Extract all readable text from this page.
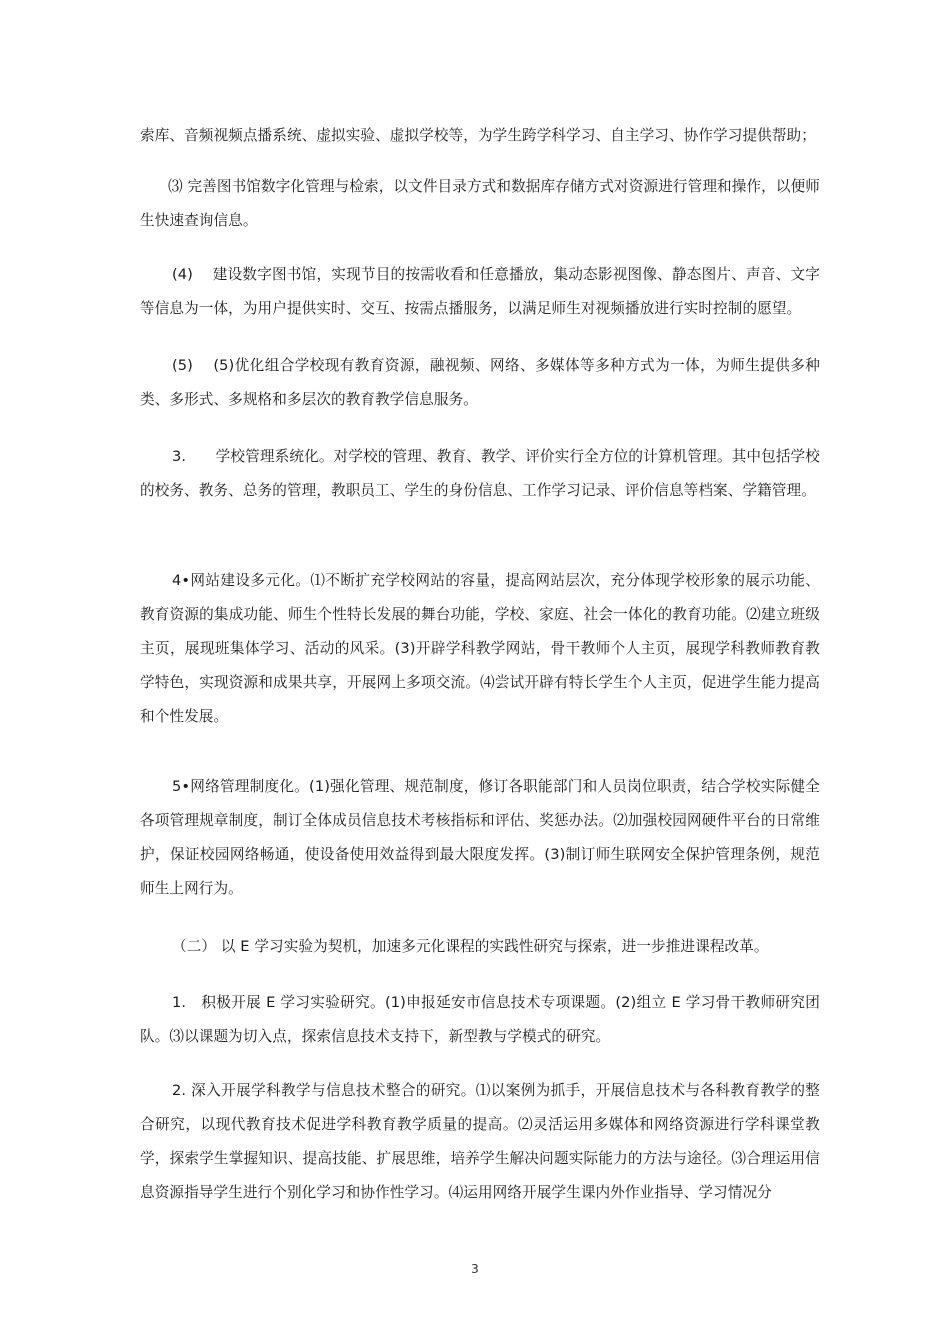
索库、音频视频点播系统、虚拟实验、虚拟学校等，为学生跨学科学习、自主学习、协作学习提供帮助；

⑶ 完善图书馆数字化管理与检索，以文件目录方式和数据库存储方式对资源进行管理和操作，以便师生快速查询信息。

(4)　 建设数字图书馆，实现节目的按需收看和任意播放，集动态影视图像、静态图片、声音、文字等信息为一体，为用户提供实时、交互、按需点播服务，以满足师生对视频播放进行实时控制的愿望。

(5)　 (5)优化组合学校现有教育资源，融视频、网络、多媒体等多种方式为一体，为师生提供多种类、多形式、多规格和多层次的教育教学信息服务。

3.　　学校管理系统化。对学校的管理、教育、教学、评价实行全方位的计算机管理。其中包括学校的校务、教务、总务的管理，教职员工、学生的身份信息、工作学习记录、评价信息等档案、学籍管理。

4•网站建设多元化。⑴不断扩充学校网站的容量，提高网站层次，充分体现学校形象的展示功能、教育资源的集成功能、师生个性特长发展的舞台功能，学校、家庭、社会一体化的教育功能。⑵建立班级主页，展现班集体学习、活动的风采。(3)开辟学科教学网站，骨干教师个人主页，展现学科教师教育教学特色，实现资源和成果共享，开展网上多项交流。⑷尝试开辟有特长学生个人主页，促进学生能力提高和个性发展。

5•网络管理制度化。(1)强化管理、规范制度，修订各职能部门和人员岗位职责，结合学校实际健全各项管理规章制度，制订全体成员信息技术考核指标和评估、奖惩办法。⑵加强校园网硬件平台的日常维护，保证校园网络畅通，使设备使用效益得到最大限度发挥。(3)制订师生联网安全保护管理条例，规范师生上网行为。

（二） 以 E 学习实验为契机，加速多元化课程的实践性研究与探索，进一步推进课程改革。

1.　积极开展 E 学习实验研究。(1)申报延安市信息技术专项课题。(2)组立 E 学习骨干教师研究团队。⑶以课题为切入点，探索信息技术支持下，新型教与学模式的研究。

2. 深入开展学科教学与信息技术整合的研究。⑴以案例为抓手，开展信息技术与各科教育教学的整合研究，以现代教育技术促进学科教育教学质量的提高。⑵灵活运用多媒体和网络资源进行学科课堂教学，探索学生掌握知识、提高技能、扩展思维，培养学生解决问题实际能力的方法与途径。⑶合理运用信息资源指导学生进行个别化学习和协作性学习。⑷运用网络开展学生课内外作业指导、学习情况分

3
